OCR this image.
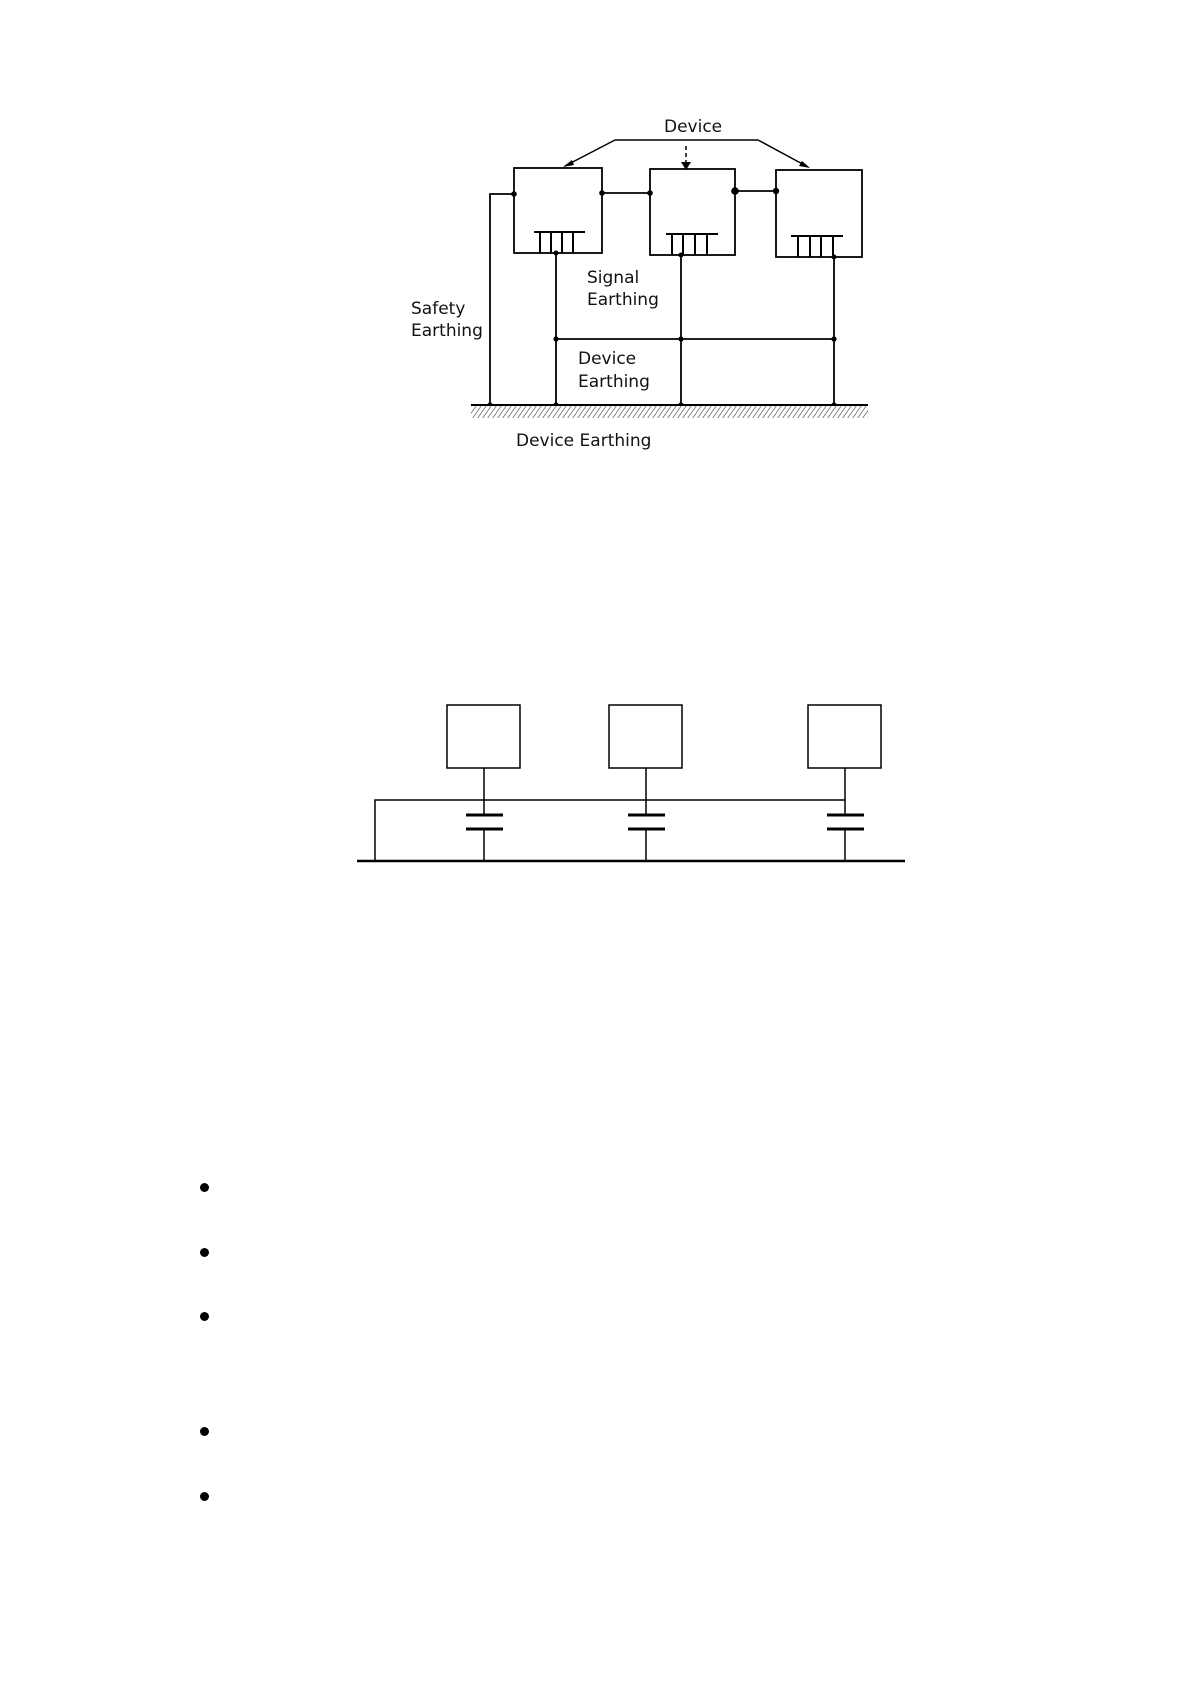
Device
Signal
Earthing
Safety
Earthing
Device
Earthing
Device Earthing
